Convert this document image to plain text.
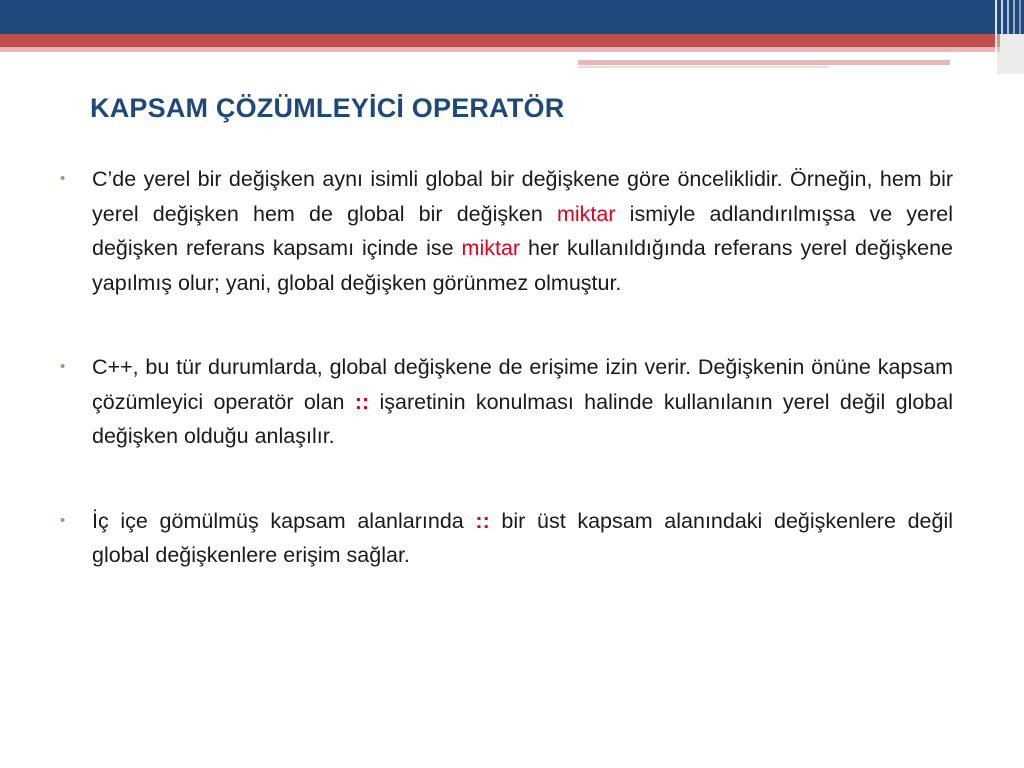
KAPSAM ÇÖZÜMLEYİCİ OPERATÖR
•	C’de yerel bir değişken aynı isimli global bir değişkene göre önceliklidir. Örneğin, hem bir yerel değişken hem de global bir değişken miktar ismiyle adlandırılmışsa ve yerel değişken referans kapsamı içinde ise miktar her kullanıldığında referans yerel değişkene yapılmış olur; yani, global değişken görünmez olmuştur.
•	C++, bu tür durumlarda, global değişkene de erişime izin verir. Değişkenin önüne kapsam çözümleyici operatör olan :: işaretinin konulması halinde kullanılanın yerel değil global değişken olduğu anlaşılır.
•	İç içe gömülmüş kapsam alanlarında :: bir üst kapsam alanındaki değişkenlere değil global değişkenlere erişim sağlar.
